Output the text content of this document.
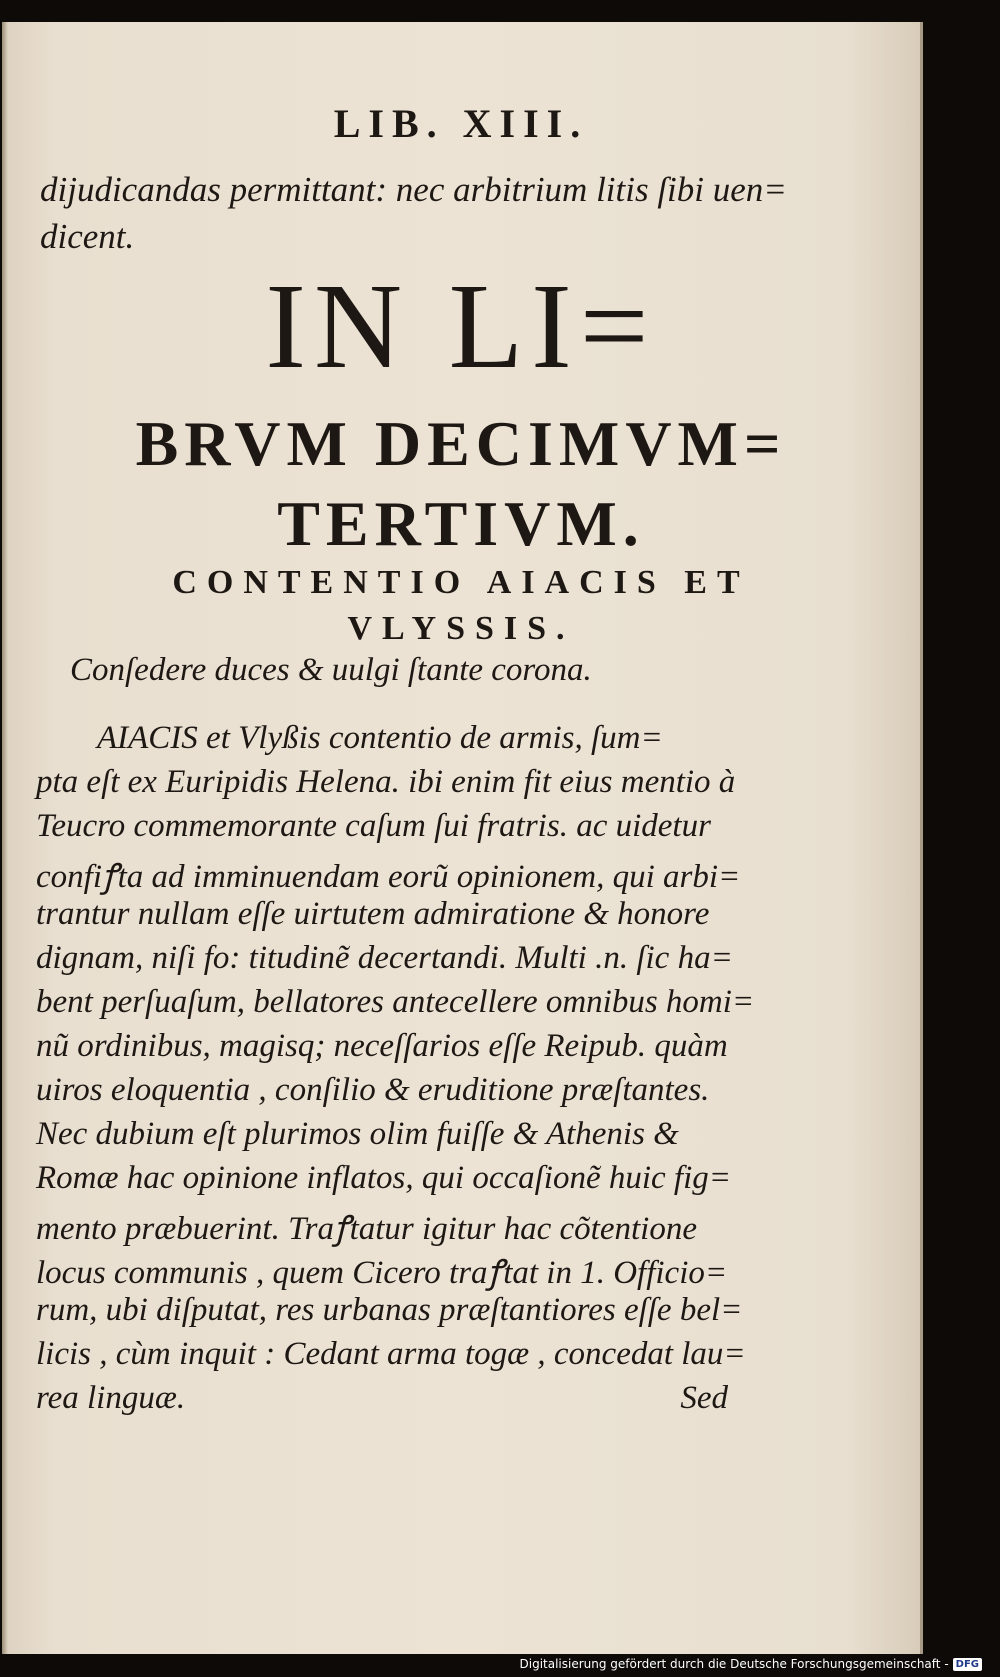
LIB. XIII.
dijudicandas permittant: nec arbitrium litis ſibi uen=
dicent.
IN LI=
BRVM DECIMVM=
TERTIVM.
CONTENTIO AIACIS ET
VLYSSIS.
Conſedere duces & uulgi ſtante corona.
AIACIS et Vlyßis contentio de armis, ſum=
pta eſt ex Euripidis Helena. ibi enim fit eius mentio à
Teucro commemorante caſum ſui fratris. ac uidetur
confiꝭta ad imminuendam eorũ opinionem, qui arbi=
trantur nullam eſſe uirtutem admiratione & honore
dignam, niſi fo: titudinẽ decertandi. Multi .n. ſic ha=
bent perſuaſum, bellatores antecellere omnibus homi=
nũ ordinibus, magisq; neceſſarios eſſe Reipub. quàm
uiros eloquentia , conſilio & eruditione præſtantes.
Nec dubium eſt plurimos olim fuiſſe & Athenis &
Romæ hac opinione inflatos, qui occaſionẽ huic fig=
mento præbuerint. Traꝭtatur igitur hac cõtentione
locus communis , quem Cicero traꝭtat in 1. Officio=
rum, ubi diſputat, res urbanas præſtantiores eſſe bel=
licis , cùm inquit : Cedant arma togæ , concedat lau=
rea linguæ.	Sed
Digitalisierung gefördert durch die Deutsche Forschungsgemeinschaft - DFG
